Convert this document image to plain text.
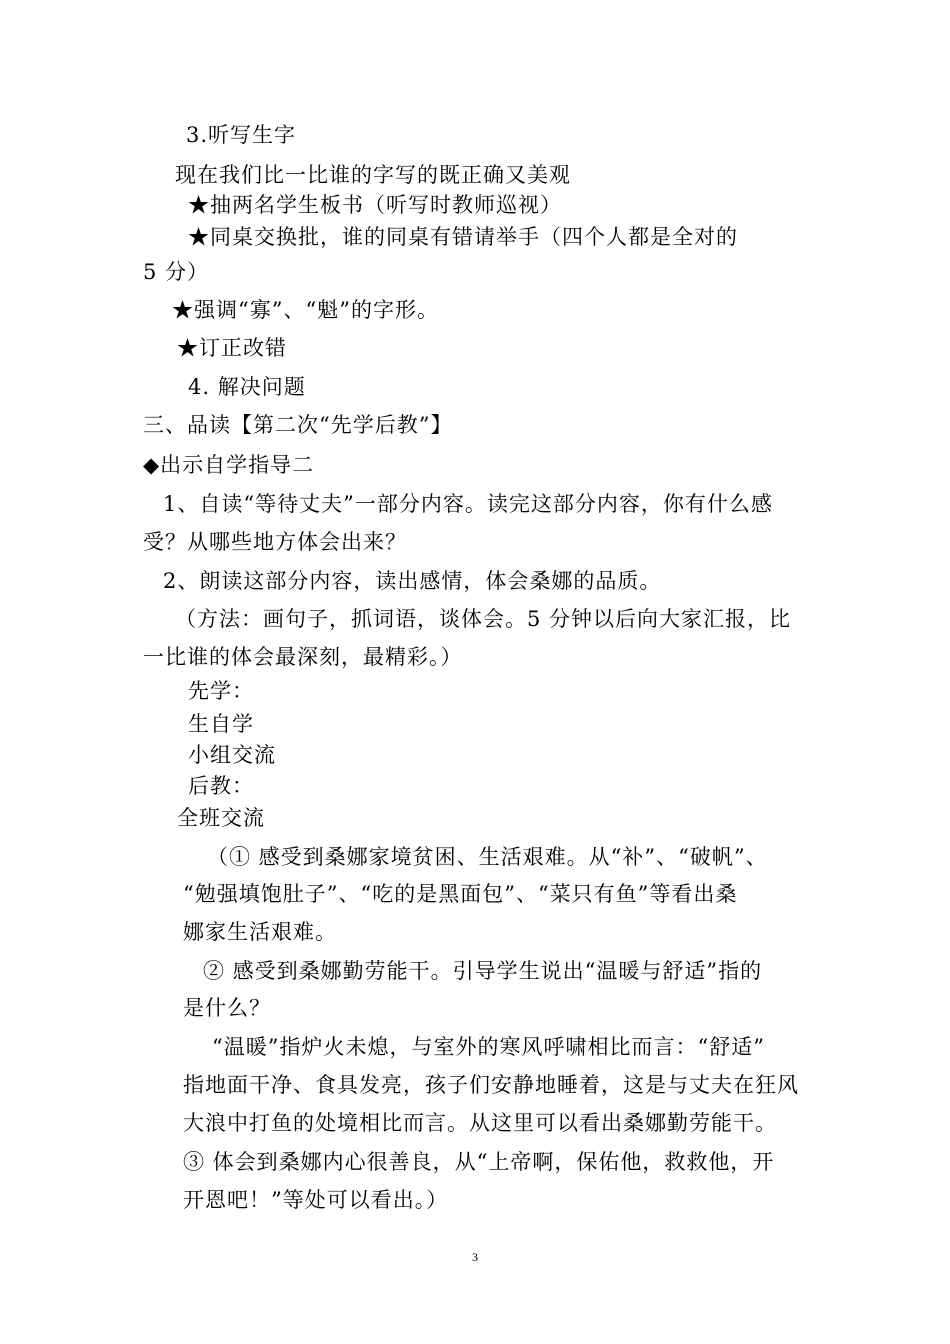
3.听写生字
现在我们比一比谁的字写的既正确又美观
★抽两名学生板书（听写时教师巡视）
★同桌交换批，谁的同桌有错请举手（四个人都是全对的
5 分）
★强调“寡”、“魁”的字形。
★订正改错
4. 解决问题
三、品读【第二次“先学后教”】
◆出示自学指导二
1、自读“等待丈夫”一部分内容。读完这部分内容，你有什么感
受？从哪些地方体会出来？
2、朗读这部分内容，读出感情，体会桑娜的品质。
（方法：画句子，抓词语，谈体会。5 分钟以后向大家汇报，比
一比谁的体会最深刻，最精彩。）
先学：
生自学
小组交流
后教：
全班交流
（① 感受到桑娜家境贫困、生活艰难。从“补”、“破帆”、
“勉强填饱肚子”、“吃的是黑面包”、“菜只有鱼”等看出桑
娜家生活艰难。
② 感受到桑娜勤劳能干。引导学生说出“温暖与舒适”指的
是什么？
“温暖”指炉火未熄，与室外的寒风呼啸相比而言：“舒适”
指地面干净、食具发亮，孩子们安静地睡着，这是与丈夫在狂风
大浪中打鱼的处境相比而言。从这里可以看出桑娜勤劳能干。
③ 体会到桑娜内心很善良，从“上帝啊，保佑他，救救他，开
开恩吧！”等处可以看出。）
3
